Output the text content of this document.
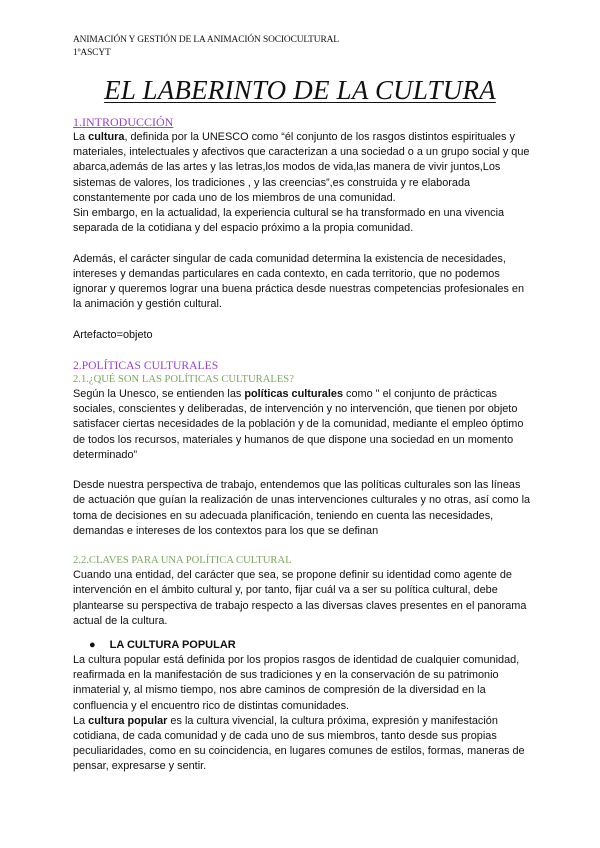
ANIMACIÓN Y GESTIÓN DE LA ANIMACIÓN SOCIOCULTURAL
1ºASCYT
EL LABERINTO DE LA CULTURA

1.INTRODUCCIÓN

La cultura, definida por la UNESCO como “él conjunto de los rasgos distintos espirituales y materiales, intelectuales y afectivos que caracterizan a una sociedad o a un grupo social y que abarca,además de las artes y las letras,los modos de vida,las manera de vivir juntos,Los sistemas de valores, los tradiciones , y las creencias”,es construida y re elaborada constantemente por cada uno de los miembros de una comunidad.

Sin embargo, en la actualidad, la experiencia cultural se ha transformado en una vivencia separada de la cotidiana y del espacio próximo a la propia comunidad.

Además, el carácter singular de cada comunidad determina la existencia de necesidades, intereses y demandas particulares en cada contexto, en cada territorio, que no podemos ignorar y queremos lograr una buena práctica desde nuestras competencias profesionales en la animación y gestión cultural.

Artefacto=objeto

2.POLÍTICAS CULTURALES

2.1.¿QUÉ SON LAS POLÍTICAS CULTURALES?

Según la Unesco, se entienden las políticas culturales como " el conjunto de prácticas sociales, conscientes y deliberadas, de intervención y no intervención, que tienen por objeto satisfacer ciertas necesidades de la población y de la comunidad, mediante el empleo óptimo de todos los recursos, materiales y humanos de que dispone una sociedad en un momento determinado”

Desde nuestra perspectiva de trabajo, entendemos que las políticas culturales son las líneas de actuación que guían la realización de unas intervenciones culturales y no otras, así como la toma de decisiones en su adecuada planificación, teniendo en cuenta las necesidades, demandas e intereses de los contextos para los que se definan

2.2.CLAVES PARA UNA POLÍTICA CULTURAL

Cuando una entidad, del carácter que sea, se propone definir su identidad como agente de intervención en el ámbito cultural y, por tanto, fijar cuál va a ser su política cultural, debe plantearse su perspectiva de trabajo respecto a las diversas claves presentes en el panorama actual de la cultura.

● LA CULTURA POPULAR

La cultura popular está definida por los propios rasgos de identidad de cualquier comunidad, reafirmada en la manifestación de sus tradiciones y en la conservación de su patrimonio inmaterial y, al mismo tiempo, nos abre caminos de compresión de la diversidad en la confluencia y el encuentro rico de distintas comunidades.

La cultura popular es la cultura vivencial, la cultura próxima, expresión y manifestación cotidiana, de cada comunidad y de cada uno de sus miembros, tanto desde sus propias peculiaridades, como en su coincidencia, en lugares comunes de estilos, formas, maneras de pensar, expresarse y sentir.
